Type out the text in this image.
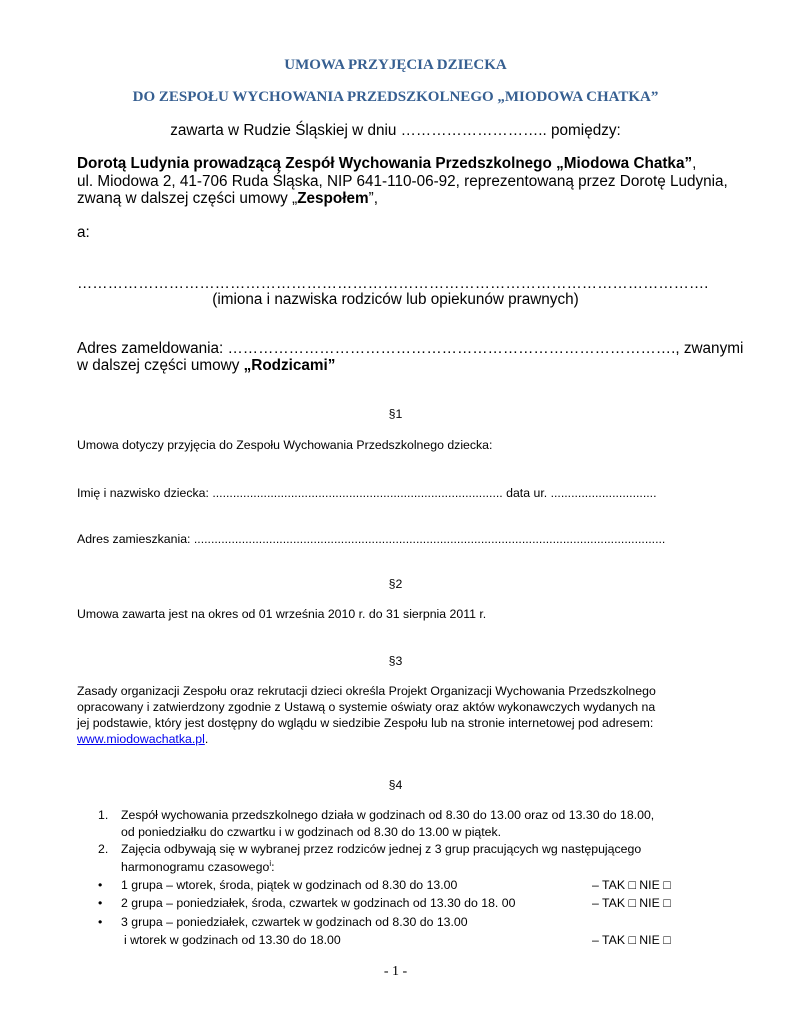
UMOWA PRZYJĘCIA DZIECKA
DO ZESPOŁU WYCHOWANIA PRZEDSZKOLNEGO „MIODOWA CHATKA”
zawarta w Rudzie Śląskiej w dniu ……………………….. pomiędzy:
Dorotą Ludynia prowadzącą Zespół Wychowania Przedszkolnego „Miodowa Chatka”,
ul. Miodowa 2, 41-706 Ruda Śląska, NIP 641-110-06-92, reprezentowaną przez Dorotę Ludynia,
zwaną w dalszej części umowy „Zespołem”,
a:
…………………………………………………………………………………………………………….
(imiona i nazwiska rodziców lub opiekunów prawnych)
Adres zameldowania: ……………………………………………………………………………., zwanymi
w dalszej części umowy „Rodzicami”
§1
Umowa dotyczy przyjęcia do Zespołu Wychowania Przedszkolnego dziecka:
Imię i nazwisko dziecka: ..................................................................................... data ur. ...............................
Adres zamieszkania: ..........................................................................................................................................
§2
Umowa zawarta jest na okres od 01 września 2010 r. do 31 sierpnia 2011 r.
§3
Zasady organizacji Zespołu oraz rekrutacji dzieci określa Projekt Organizacji Wychowania Przedszkolnego
opracowany i zatwierdzony zgodnie z Ustawą o systemie oświaty oraz aktów wykonawczych wydanych na
jej podstawie, który jest dostępny do wglądu w siedzibie Zespołu lub na stronie internetowej pod adresem:
www.miodowachatka.pl.
§4
1. Zespół wychowania przedszkolnego działa w godzinach od 8.30 do 13.00 oraz od 13.30 do 18.00,
od poniedziałku do czwartku i w godzinach od 8.30 do 13.00 w piątek.
2. Zajęcia odbywają się w wybranej przez rodziców jednej z 3 grup pracujących wg następującego
harmonogramu czasowego$^i$:
• 1 grupa – wtorek, środa, piątek w godzinach od 8.30 do 13.00	– TAK □ NIE □
• 2 grupa – poniedziałek, środa, czwartek w godzinach od 13.30 do 18. 00	– TAK □ NIE □
• 3 grupa – poniedziałek, czwartek w godzinach od 8.30 do 13.00
i wtorek w godzinach od 13.30 do 18.00	– TAK □ NIE □
- 1 -
